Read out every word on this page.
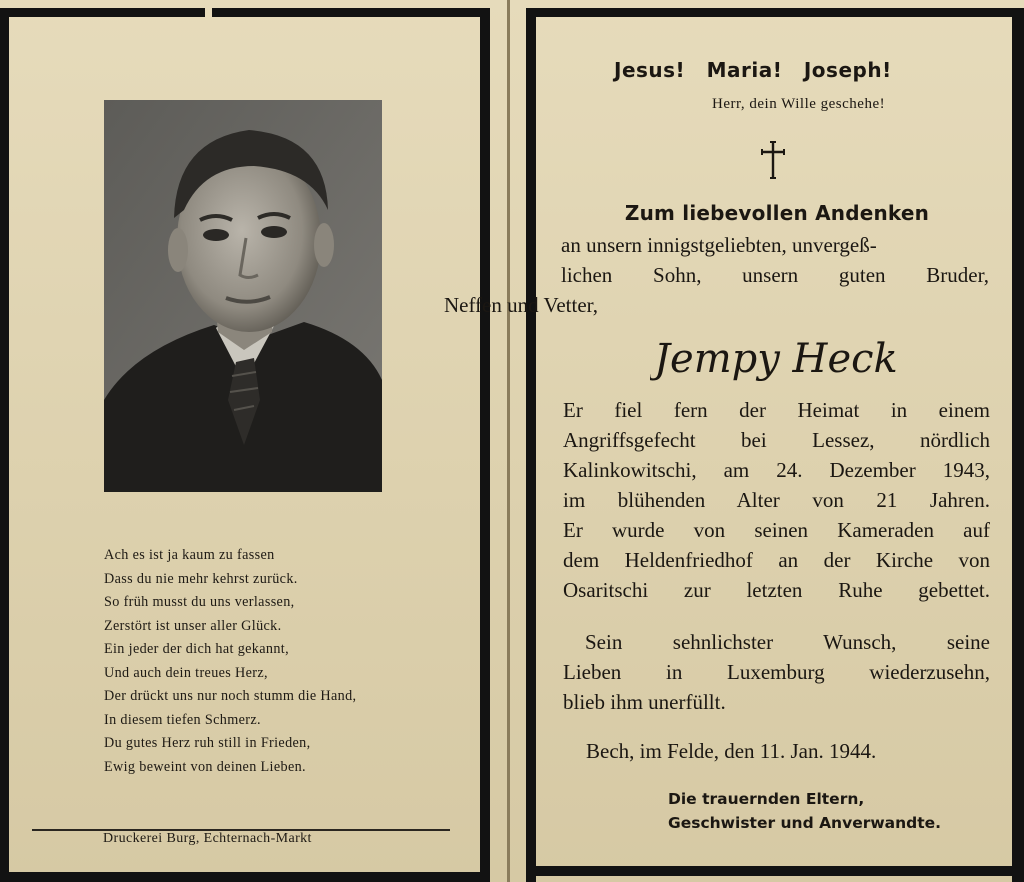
Ach es ist ja kaum zu fassen
Dass du nie mehr kehrst zurück.
So früh musst du uns verlassen,
Zerstört ist unser aller Glück.
Ein jeder der dich hat gekannt,
Und auch dein treues Herz,
Der drückt uns nur noch stumm die Hand,
In diesem tiefen Schmerz.
Du gutes Herz ruh still in Frieden,
Ewig beweint von deinen Lieben.
Druckerei Burg, Echternach-Markt
Jesus! Maria! Joseph!
Herr, dein Wille geschehe!
Zum liebevollen Andenken
an unsern innigstgeliebten, unvergeß-
lichen Sohn, unsern guten Bruder,
Neffen und Vetter,
Jempy Heck
Er fiel fern der Heimat in einem
Angriffsgefecht bei Lessez, nördlich
Kalinkowitschi, am 24. Dezember 1943,
im blühenden Alter von 21 Jahren.
Er wurde von seinen Kameraden auf
dem Heldenfriedhof an der Kirche von
Osaritschi zur letzten Ruhe gebettet.
Sein sehnlichster Wunsch, seine
Lieben in Luxemburg wiederzusehn,
blieb ihm unerfüllt.
Bech, im Felde, den 11. Jan. 1944.
Die trauernden Eltern,
Geschwister und Anverwandte.
